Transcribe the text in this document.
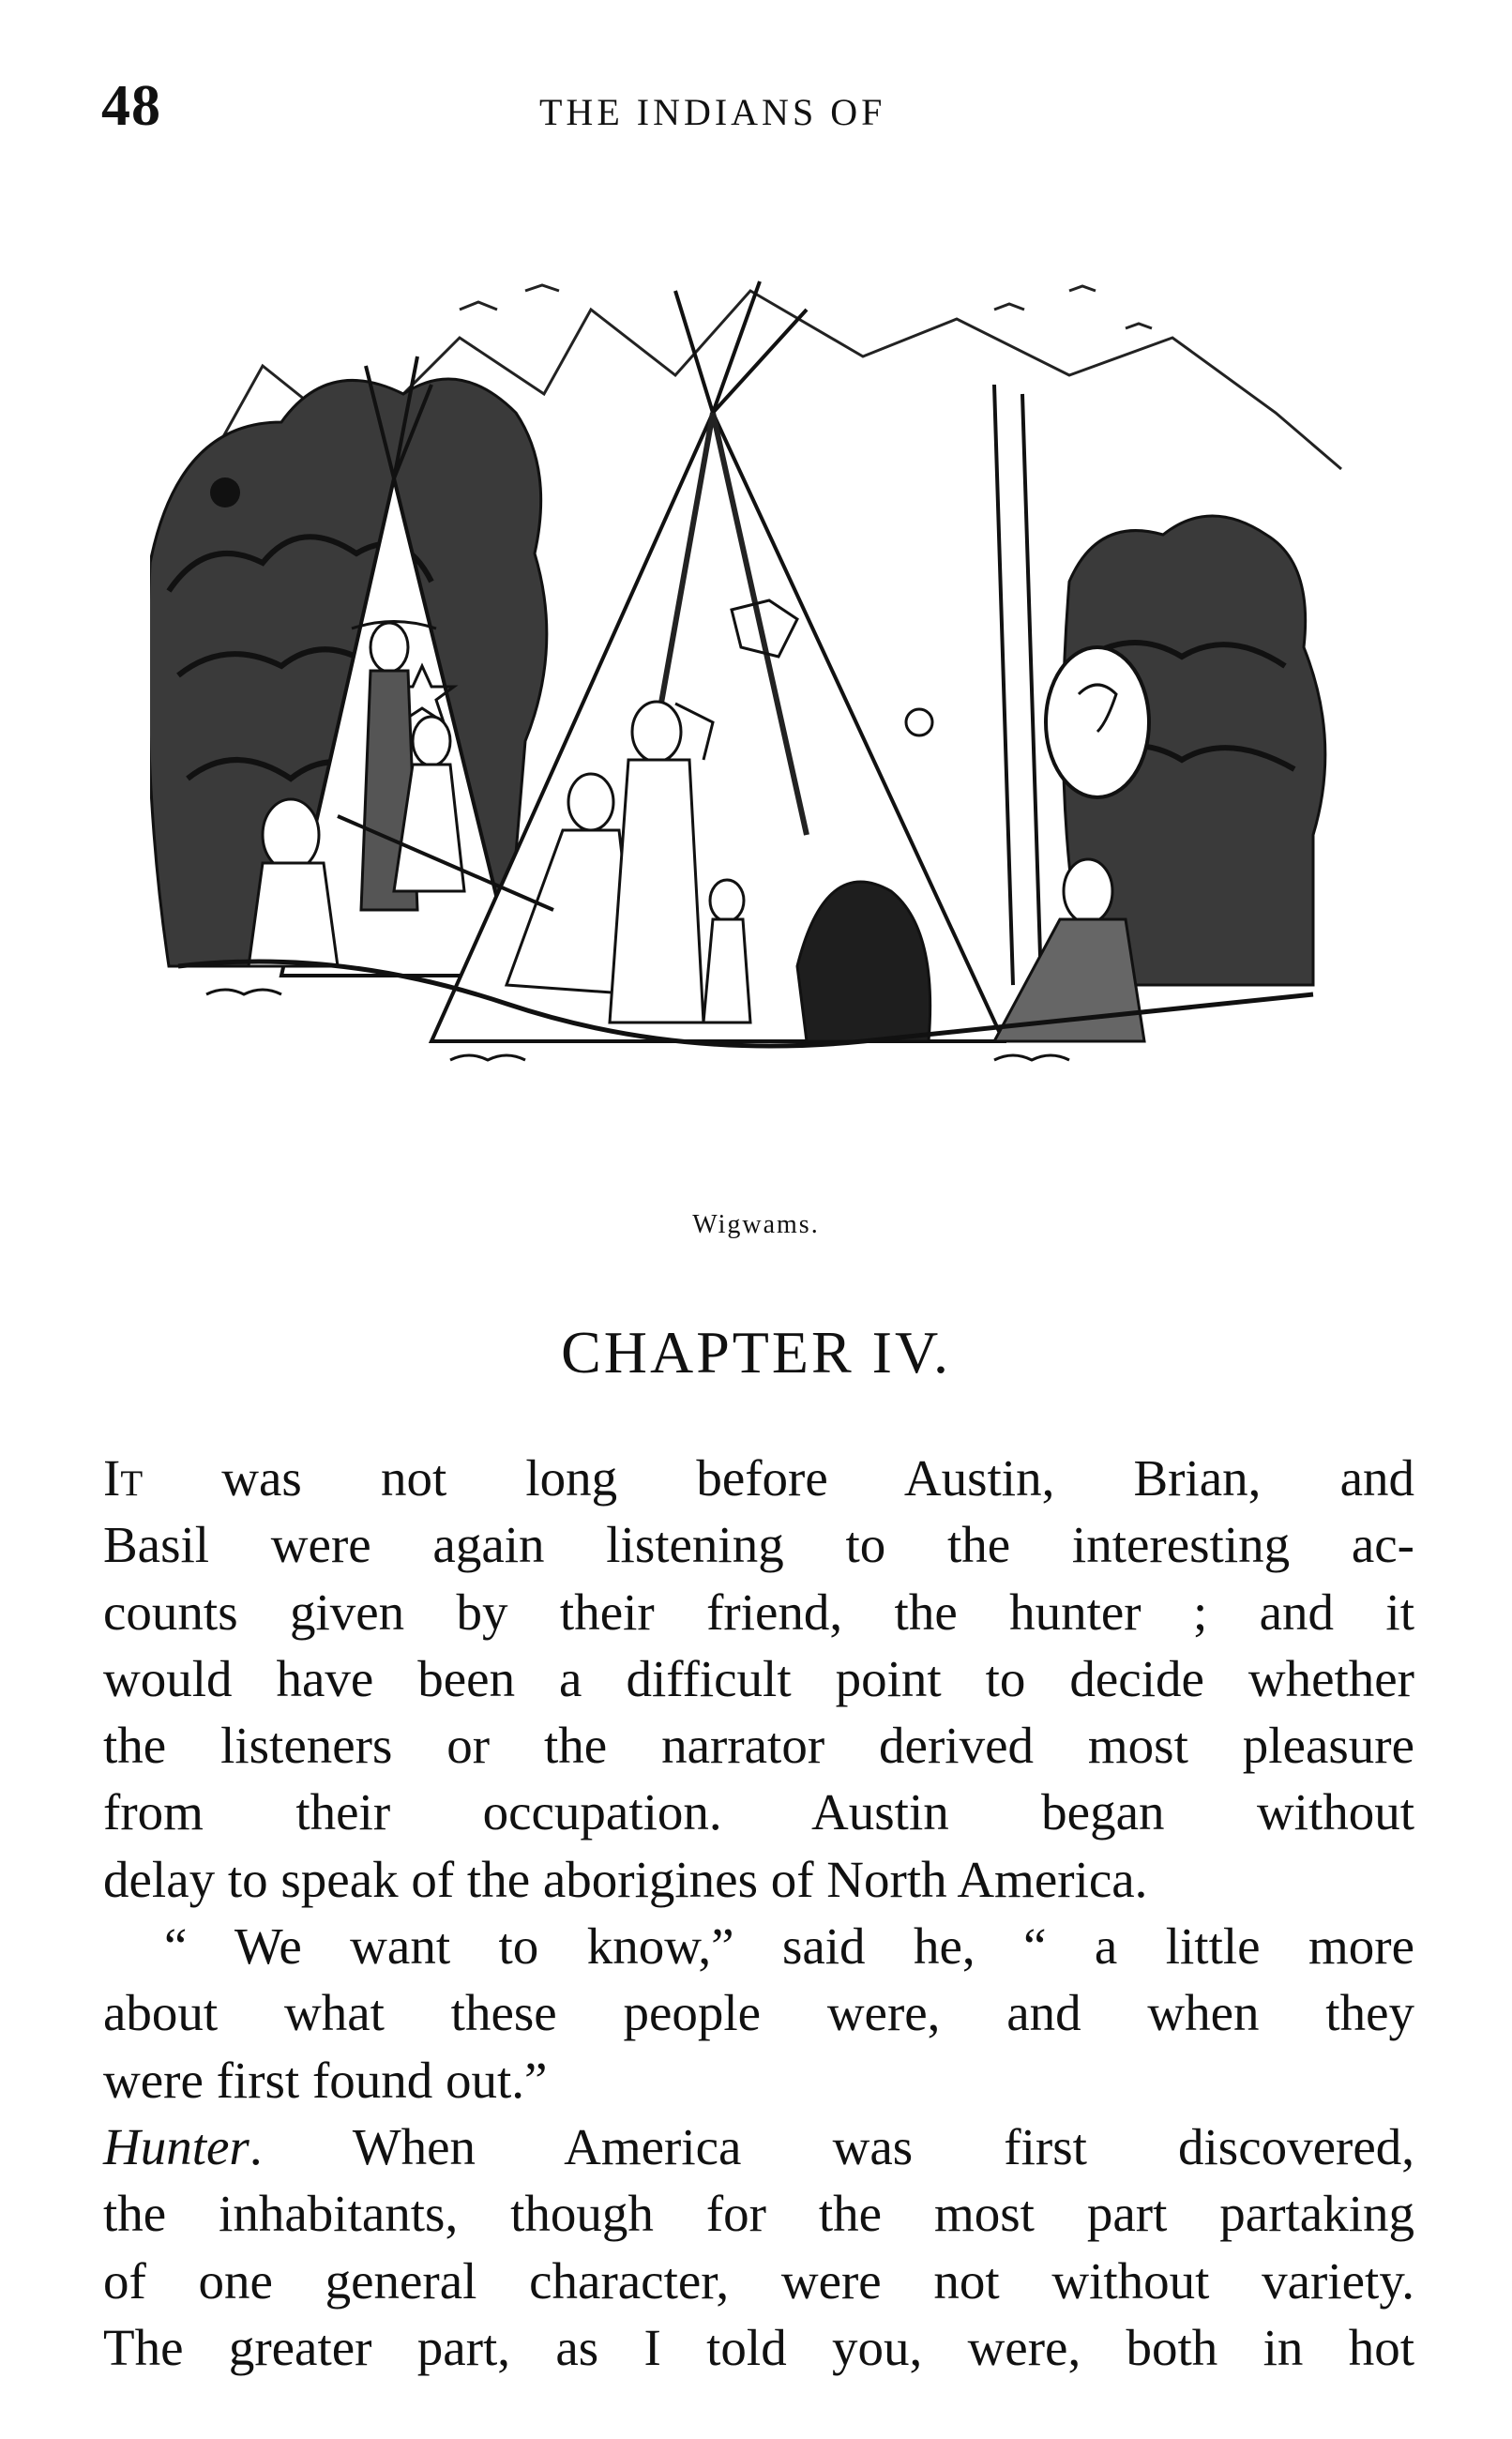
48	THE INDIANS OF
Wigwams.
CHAPTER IV.
It was not long before Austin, Brian, and
Basil were again listening to the interesting ac-
counts given by their friend, the hunter ; and it
would have been a difficult point to decide whether
the listeners or the narrator derived most pleasure
from their occupation. Austin began without
delay to speak of the aborigines of North America.
“ We want to know,” said he, “ a little more
about what these people were, and when they
were first found out.”
Hunter. When America was first discovered,
the inhabitants, though for the most part partaking
of one general character, were not without variety.
The greater part, as I told you, were, both in hot
